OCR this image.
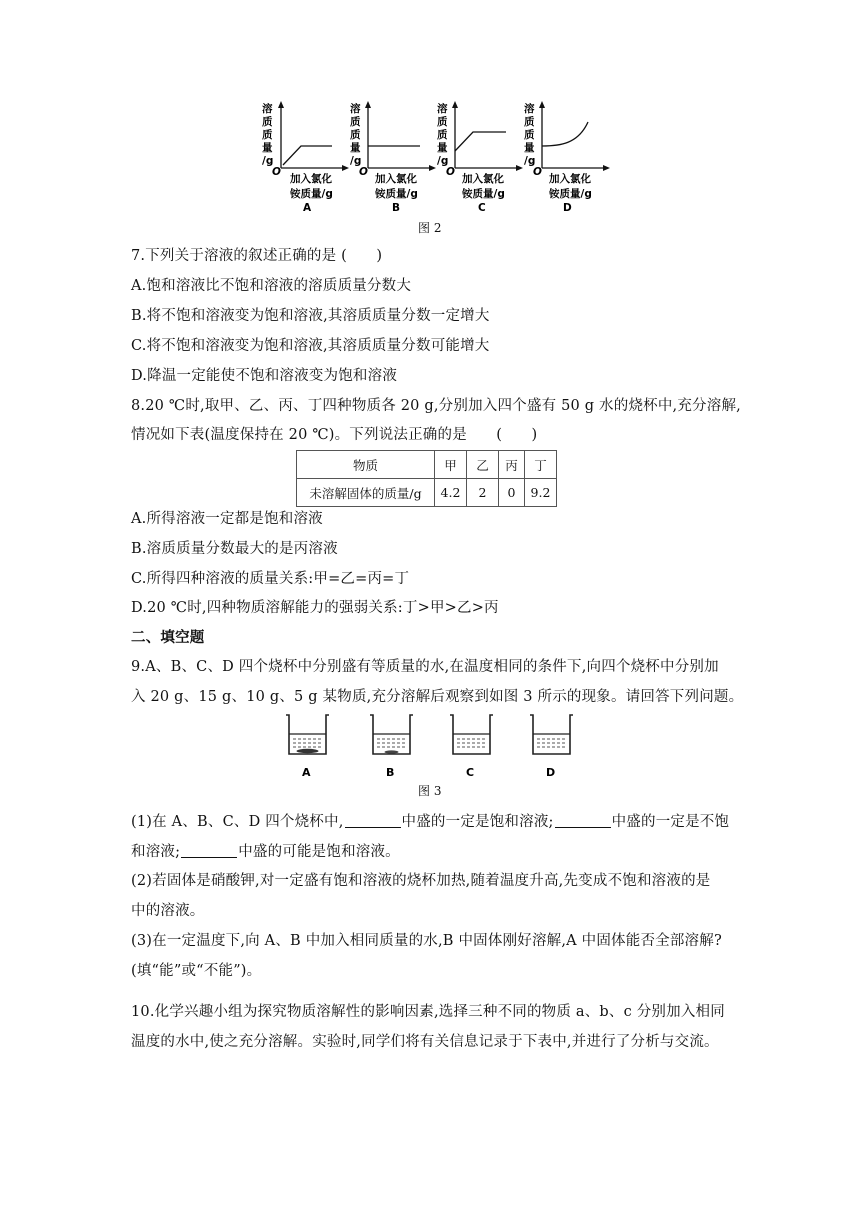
溶
质
质
量
/g
O
加入氯化
铵质量/g
A
溶
质
质
量
/g
O
加入氯化
铵质量/g
B
溶
质
质
量
/g
O
加入氯化
铵质量/g
C
溶
质
质
量
/g
O
加入氯化
铵质量/g
D
图 2
7.下列关于溶液的叙述正确的是 (　　)
A.饱和溶液比不饱和溶液的溶质质量分数大
B.将不饱和溶液变为饱和溶液,其溶质质量分数一定增大
C.将不饱和溶液变为饱和溶液,其溶质质量分数可能增大
D.降温一定能使不饱和溶液变为饱和溶液
8.20 ℃时,取甲、乙、丙、丁四种物质各 20 g,分别加入四个盛有 50 g 水的烧杯中,充分溶解,
情况如下表(温度保持在 20 ℃)。下列说法正确的是　　(　　)
物质	甲	乙	丙	丁
未溶解固体的质量/g	4.2	2	0	9.2
A.所得溶液一定都是饱和溶液
B.溶质质量分数最大的是丙溶液
C.所得四种溶液的质量关系:甲=乙=丙=丁
D.20 ℃时,四种物质溶解能力的强弱关系:丁>甲>乙>丙
二、填空题
9.A、B、C、D 四个烧杯中分别盛有等质量的水,在温度相同的条件下,向四个烧杯中分别加
入 20 g、15 g、10 g、5 g 某物质,充分溶解后观察到如图 3 所示的现象。请回答下列问题。
A	B	C	D
图 3
(1)在 A、B、C、D 四个烧杯中,	中盛的一定是饱和溶液;	中盛的一定是不饱
和溶液;	中盛的可能是饱和溶液。
(2)若固体是硝酸钾,对一定盛有饱和溶液的烧杯加热,随着温度升高,先变成不饱和溶液的是
中的溶液。
(3)在一定温度下,向 A、B 中加入相同质量的水,B 中固体刚好溶解,A 中固体能否全部溶解?
(填“能”或“不能”)。
10.化学兴趣小组为探究物质溶解性的影响因素,选择三种不同的物质 a、b、c 分别加入相同
温度的水中,使之充分溶解。实验时,同学们将有关信息记录于下表中,并进行了分析与交流。
